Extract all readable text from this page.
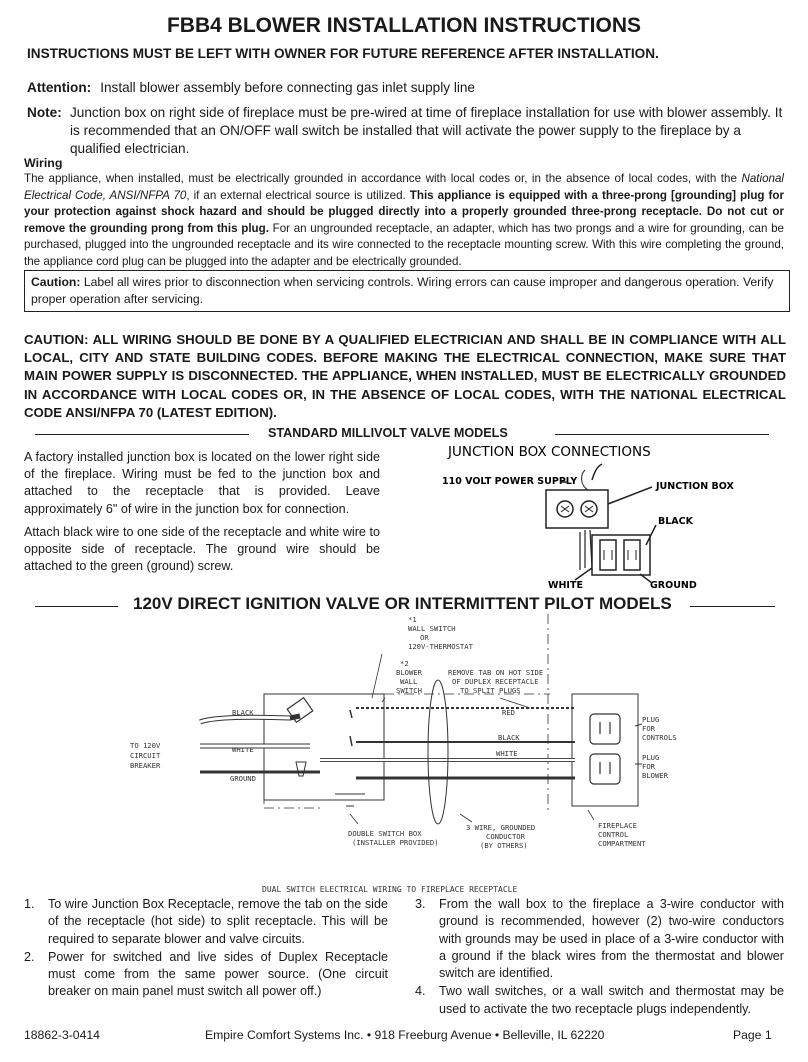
FBB4 BLOWER INSTALLATION INSTRUCTIONS
INSTRUCTIONS MUST BE LEFT WITH OWNER FOR FUTURE REFERENCE AFTER INSTALLATION.
Attention: Install blower assembly before connecting gas inlet supply line
Note: Junction box on right side of fireplace must be pre-wired at time of fireplace installation for use with blower assembly. It is recommended that an ON/OFF wall switch be installed that will activate the power supply to the fireplace by a qualified electrician.
Wiring
The appliance, when installed, must be electrically grounded in accordance with local codes or, in the absence of local codes, with the National Electrical Code, ANSI/NFPA 70, if an external electrical source is utilized. This appliance is equipped with a three-prong [grounding] plug for your protection against shock hazard and should be plugged directly into a properly grounded three-prong receptacle. Do not cut or remove the grounding prong from this plug. For an ungrounded receptacle, an adapter, which has two prongs and a wire for grounding, can be purchased, plugged into the ungrounded receptacle and its wire connected to the receptacle mounting screw. With this wire completing the ground, the appliance cord plug can be plugged into the adapter and be electrically grounded.
Caution: Label all wires prior to disconnection when servicing controls. Wiring errors can cause improper and dangerous operation. Verify proper operation after servicing.
CAUTION: ALL WIRING SHOULD BE DONE BY A QUALIFIED ELECTRICIAN AND SHALL BE IN COMPLIANCE WITH ALL LOCAL, CITY AND STATE BUILDING CODES. BEFORE MAKING THE ELECTRICAL CONNECTION, MAKE SURE THAT MAIN POWER SUPPLY IS DISCONNECTED. THE APPLIANCE, WHEN INSTALLED, MUST BE ELECTRICALLY GROUNDED IN ACCORDANCE WITH LOCAL CODES OR, IN THE ABSENCE OF LOCAL CODES, WITH THE NATIONAL ELECTRICAL CODE ANSI/NFPA 70 (LATEST EDITION).
STANDARD MILLIVOLT VALVE MODELS

A factory installed junction box is located on the lower right side of the fireplace. Wiring must be fed to the junction box and attached to the receptacle that is provided. Leave approximately 6" of wire in the junction box for connection.

Attach black wire to one side of the receptacle and white wire to opposite side of receptacle. The ground wire should be attached to the green (ground) screw.

JUNCTION BOX CONNECTIONS
110 VOLT POWER SUPPLY	JUNCTION BOX
BLACK
WHITE	GROUND
120V DIRECT IGNITION VALVE OR INTERMITTENT PILOT MODELS
*1
WALL SWITCH
OR
120V-THERMOSTAT
*2
BLOWER
WALL
SWITCH
REMOVE TAB ON HOT SIDE
OF DUPLEX RECEPTACLE
TO SPLIT PLUGS
TO 120V
CIRCUIT
BREAKER
BLACK
WHITE
GROUND
RED
BLACK
WHITE
PLUG
FOR
CONTROLS
PLUG
FOR
BLOWER
DOUBLE SWITCH BOX
(INSTALLER PROVIDED)
3 WIRE, GROUNDED
CONDUCTOR
(BY OTHERS)
FIREPLACE
CONTROL
COMPARTMENT
DUAL SWITCH ELECTRICAL WIRING TO FIREPLACE RECEPTACLE
1. To wire Junction Box Receptacle, remove the tab on the side of the receptacle (hot side) to split receptacle. This will be required to separate blower and valve circuits.
2. Power for switched and live sides of Duplex Receptacle must come from the same power source. (One circuit breaker on main panel must switch all power off.)
3. From the wall box to the fireplace a 3-wire conductor with ground is recommended, however (2) two-wire conductors with grounds may be used in place of a 3-wire conductor with a ground if the black wires from the thermostat and blower switch are identified.
4. Two wall switches, or a wall switch and thermostat may be used to activate the two receptacle plugs independently.
18862-3-0414	Empire Comfort Systems Inc. • 918 Freeburg Avenue • Belleville, IL 62220	Page 1
